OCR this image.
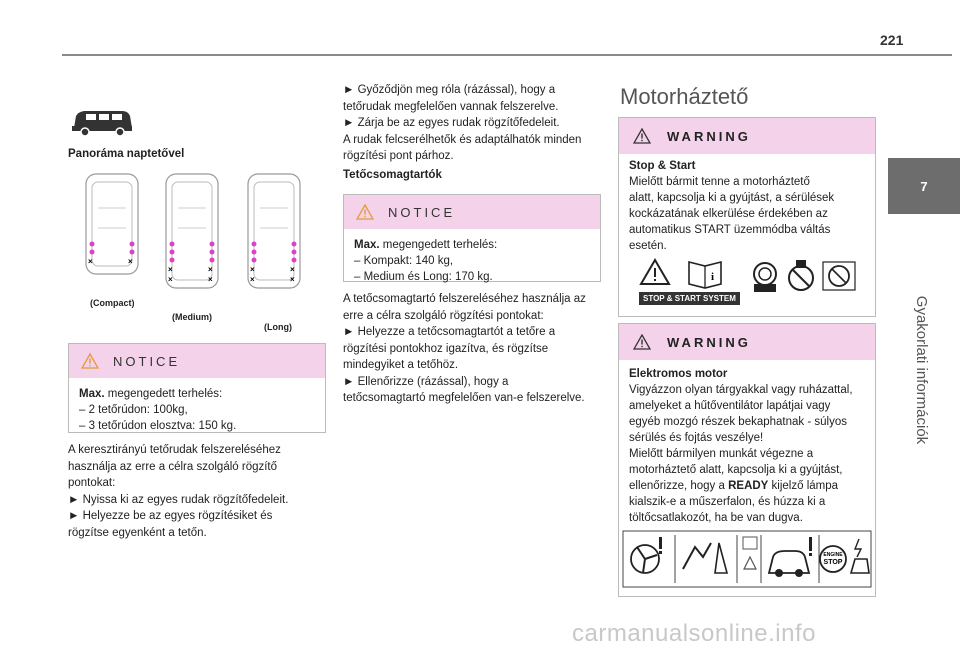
221
7
Gyakorlati információk
Panoráma naptetővel
×	×
×	×
×	×
×	×
×	×
(Compact)
(Medium)
(Long)
NOTICE
Max. megengedett terhelés:
– 2 tetőrúdon: 100kg,
– 3 tetőrúdon elosztva: 150 kg.
A keresztirányú tetőrudak felszereléséhez
használja az erre a célra szolgáló rögzítő
pontokat:
► Nyissa ki az egyes rudak rögzítőfedeleit.
► Helyezze be az egyes rögzítésiket és
rögzítse egyenként a tetőn.
► Győződjön meg róla (rázással), hogy a
tetőrudak megfelelően vannak felszerelve.
► Zárja be az egyes rudak rögzítőfedeleit.
A rudak felcserélhetők és adaptálhatók minden
rögzítési pont párhoz.
Tetőcsomagtartók
NOTICE
Max. megengedett terhelés:
– Kompakt: 140 kg,
– Medium és Long: 170 kg.
A tetőcsomagtartó felszereléséhez használja az
erre a célra szolgáló rögzítési pontokat:
► Helyezze a tetőcsomagtartót a tetőre a
rögzítési pontokhoz igazítva, és rögzítse
mindegyiket a tetőhöz.
► Ellenőrizze (rázással), hogy a
tetőcsomagtartó megfelelően van-e felszerelve.
Motorháztető
WARNING
Stop & Start
Mielőtt bármit tenne a motorháztető
alatt, kapcsolja ki a gyújtást, a sérülések
kockázatának elkerülése érdekében az
automatikus START üzemmódba váltás
esetén.
i
STOP & START SYSTEM
WARNING
Elektromos motor
Vigyázzon olyan tárgyakkal vagy ruházattal,
amelyeket a hűtőventilátor lapátjai vagy
egyéb mozgó részek bekaphatnak - súlyos
sérülés és fojtás veszélye!
Mielőtt bármilyen munkát végezne a
motorháztető alatt, kapcsolja ki a gyújtást,
ellenőrizze, hogy a READY kijelző lámpa
kialszik-e a műszerfalon, és húzza ki a
töltőcsatlakozót, ha be van dugva.
ENGINE
STOP
carmanualsonline.info
